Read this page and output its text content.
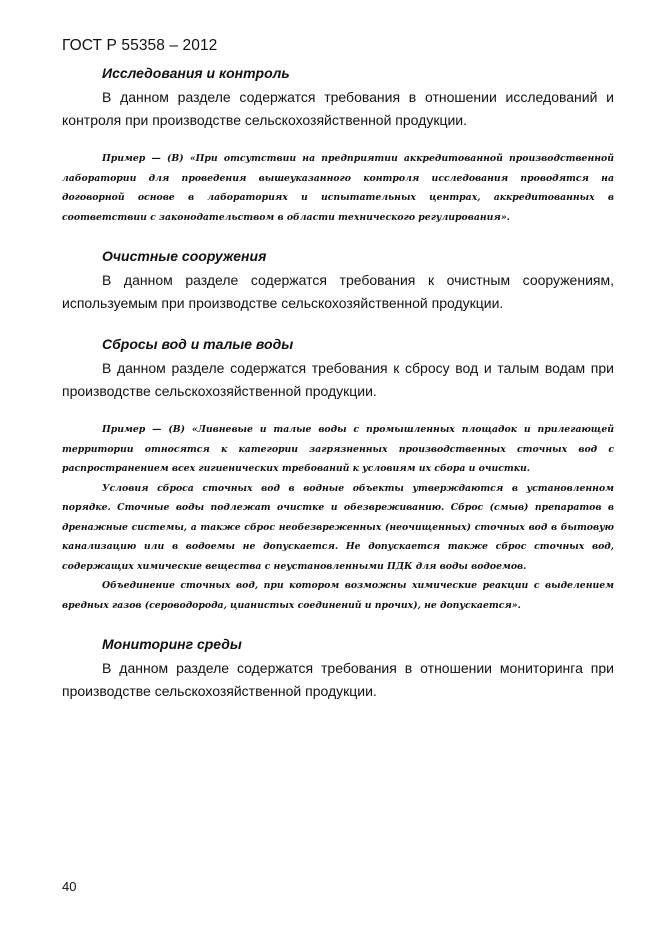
ГОСТ Р 55358 – 2012
Исследования и контроль

В данном разделе содержатся требования в отношении исследований и контроля при производстве сельскохозяйственной продукции.

Пример — (В) «При отсутствии на предприятии аккредитованной производственной лаборатории для проведения вышеуказанного контроля исследования проводятся на договорной основе в лабораториях и испытательных центрах, аккредитованных в соответствии с законодательством в области технического регулирования».

Очистные сооружения

В данном разделе содержатся требования к очистным сооружениям, используемым при производстве сельскохозяйственной продукции.

Сбросы вод и талые воды

В данном разделе содержатся требования к сбросу вод и талым водам при производстве сельскохозяйственной продукции.

Пример — (В) «Ливневые и талые воды с промышленных площадок и прилегающей территории относятся к категории загрязненных производственных сточных вод с распространением всех гигиенических требований к условиям их сбора и очистки.

Условия сброса сточных вод в водные объекты утверждаются в установленном порядке. Сточные воды подлежат очистке и обезвреживанию. Сброс (смыв) препаратов в дренажные системы, а также сброс необезвреженных (неочищенных) сточных вод в бытовую канализацию или в водоемы не допускается. Не допускается также сброс сточных вод, содержащих химические вещества с неустановленными ПДК для воды водоемов.

Объединение сточных вод, при котором возможны химические реакции с выделением вредных газов (сероводорода, цианистых соединений и прочих), не допускается».

Мониторинг среды

В данном разделе содержатся требования в отношении мониторинга при производстве сельскохозяйственной продукции.

40
